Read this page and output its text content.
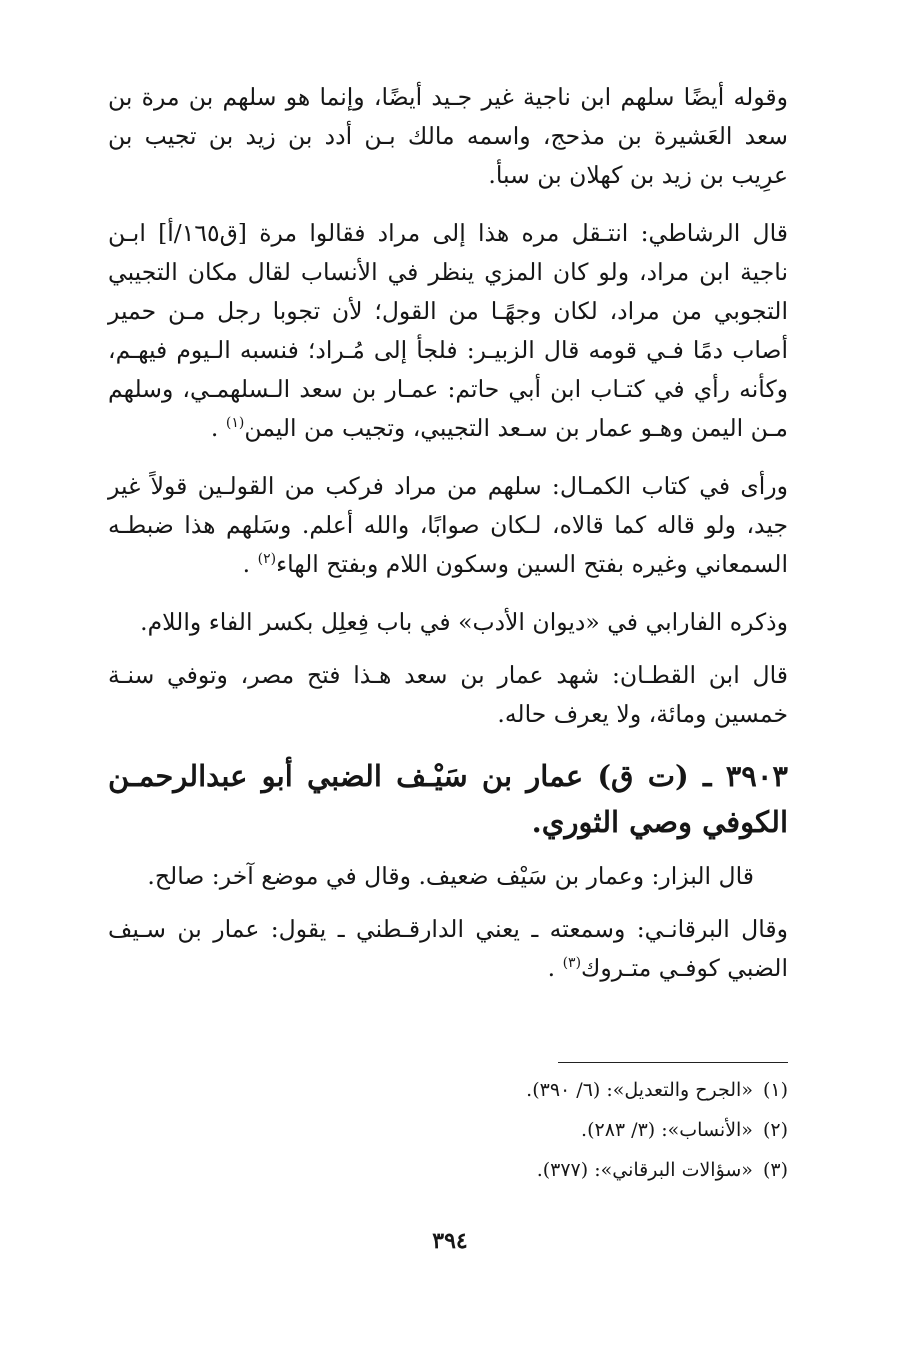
وقوله أيضًا سلهم ابن ناجية غير جـيد أيضًا، وإنما هو سلهم بن مرة بن سعد العَشيرة بن مذحج، واسمه مالك بـن أدد بن زيد بن تجيب بن عرِيب بن زيد بن كهلان بن سبأ.

قال الرشاطي: انتـقل مره هذا إلى مراد فقالوا مرة [ق١٦٥/أ] ابـن ناجية ابن مراد، ولو كان المزي ينظر في الأنساب لقال مكان التجيبي التجوبي من مراد، لكان وجهًـا من القول؛ لأن تجوبا رجل مـن حمير أصاب دمًا فـي قومه قال الزبيـر: فلجأ إلى مُـراد؛ فنسبه الـيوم فيهـم، وكأنه رأي في كتـاب ابن أبي حاتم: عمـار بن سعد الـسلهمـي، وسلهم مـن اليمن وهـو عمار بن سـعد التجيبي، وتجيب من اليمن$^{(١)}$ .

ورأى في كتاب الكمـال: سلهم من مراد فركب من القولـين قولاً غير جيد، ولو قاله كما قالاه، لـكان صوابًا، والله أعلم. وسَلهم هذا ضبطـه السمعاني وغيره بفتح السين وسكون اللام وبفتح الهاء$^{(٢)}$ .

وذكره الفارابي في «ديوان الأدب» في باب فِعلِل بكسر الفاء واللام.

قال ابن القطـان: شهد عمار بن سعد هـذا فتح مصر، وتوفي سنـة خمسين ومائة، ولا يعرف حاله.

٣٩٠٣ ـ (ت ق) عمار بن سَيْـف الضبي أبو عبدالرحمـن الكوفي وصي الثوري.

قال البزار: وعمار بن سَيْف ضعيف. وقال في موضع آخر: صالح.

وقال البرقانـي: وسمعته ـ يعني الدارقـطني ـ يقول: عمار بن سـيف الضبي كوفـي متـروك$^{(٣)}$ .

(١)«الجرح والتعديل»: (٦/ ٣٩٠).

(٢)«الأنساب»: (٣/ ٢٨٣).

(٣)«سؤالات البرقاني»: (٣٧٧).

٣٩٤
